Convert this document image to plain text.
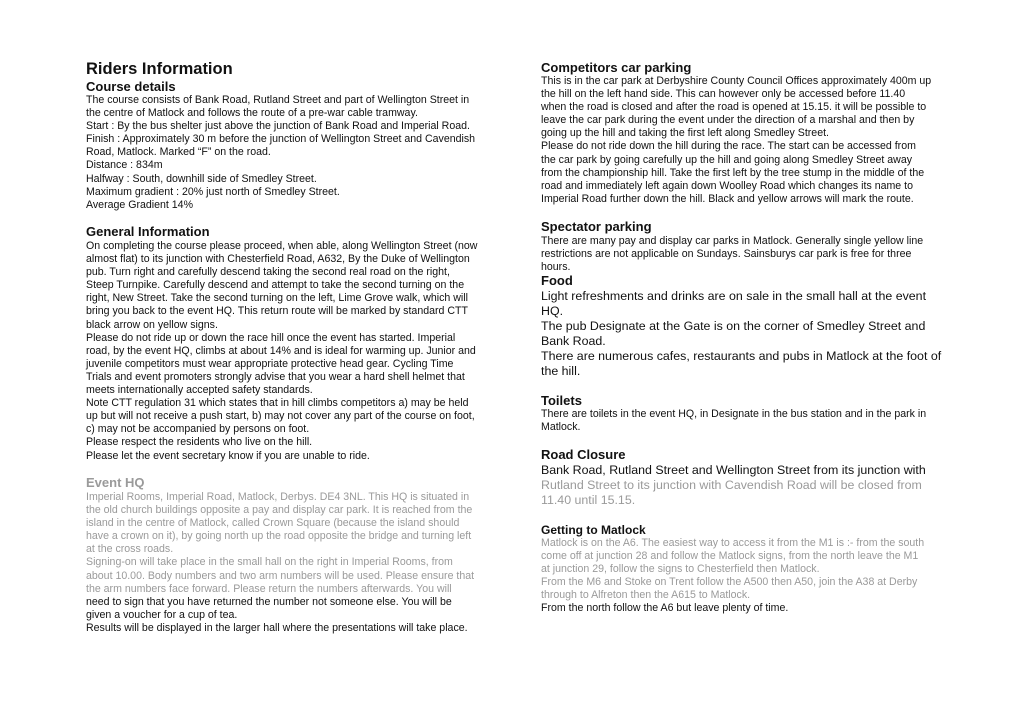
Riders Information
Course details
The course consists of Bank Road, Rutland Street and part of Wellington Street in
the centre of Matlock and follows the route of a pre-war cable tramway.
Start : By the bus shelter just above the junction of Bank Road and Imperial Road.
Finish : Approximately 30 m before the junction of Wellington Street and Cavendish
Road, Matlock. Marked “F” on the road.
Distance : 834m
Halfway : South, downhill side of Smedley Street.
Maximum gradient : 20% just north of Smedley Street.
Average Gradient 14%
General Information
On completing the course please proceed, when able, along Wellington Street (now
almost flat) to its junction with Chesterfield Road, A632, By the Duke of Wellington
pub. Turn right and carefully descend taking the second real road on the right,
Steep Turnpike. Carefully descend and attempt to take the second turning on the
right, New Street. Take the second turning on the left, Lime Grove walk, which will
bring you back to the event HQ. This return route will be marked by standard CTT
black arrow on yellow signs.
Please do not ride up or down the race hill once the event has started. Imperial
road, by the event HQ, climbs at about 14% and is ideal for warming up. Junior and
juvenile competitors must wear appropriate protective head gear. Cycling Time
Trials and event promoters strongly advise that you wear a hard shell helmet that
meets internationally accepted safety standards.
Note CTT regulation 31 which states that in hill climbs competitors a) may be held
up but will not receive a push start, b) may not cover any part of the course on foot,
c) may not be accompanied by persons on foot.
Please respect the residents who live on the hill.
Please let the event secretary know if you are unable to ride.
Event HQ
Imperial Rooms, Imperial Road, Matlock, Derbys. DE4 3NL. This HQ is situated in
the old church buildings opposite a pay and display car park. It is reached from the
island in the centre of Matlock, called Crown Square (because the island should
have a crown on it), by going north up the road opposite the bridge and turning left
at the cross roads.
Signing-on will take place in the small hall on the right in Imperial Rooms, from
about 10.00. Body numbers and two arm numbers will be used. Please ensure that
the arm numbers face forward. Please return the numbers afterwards. You will
need to sign that you have returned the number not someone else. You will be
given a voucher for a cup of tea.
Results will be displayed in the larger hall where the presentations will take place.
Competitors car parking
This is in the car park at Derbyshire County Council Offices approximately 400m up
the hill on the left hand side. This can however only be accessed before 11.40
when the road is closed and after the road is opened at 15.15. it will be possible to
leave the car park during the event under the direction of a marshal and then by
going up the hill and taking the first left along Smedley Street.
Please do not ride down the hill during the race. The start can be accessed from
the car park by going carefully up the hill and going along Smedley Street away
from the championship hill. Take the first left by the tree stump in the middle of the
road and immediately left again down Woolley Road which changes its name to
Imperial Road further down the hill. Black and yellow arrows will mark the route.
Spectator parking
There are many pay and display car parks in Matlock. Generally single yellow line
restrictions are not applicable on Sundays. Sainsburys car park is free for three
hours.
Food
Light refreshments and drinks are on sale in the small hall at the event
HQ.
The pub Designate at the Gate is on the corner of Smedley Street and
Bank Road.
There are numerous cafes, restaurants and pubs in Matlock at the foot of
the hill.
Toilets
There are toilets in the event HQ, in Designate in the bus station and in the park in
Matlock.
Road Closure
Bank Road, Rutland Street and Wellington Street from its junction with
Rutland Street to its junction with Cavendish Road will be closed from
11.40 until 15.15.
Getting to Matlock
Matlock is on the A6. The easiest way to access it from the M1 is :- from the south
come off at junction 28 and follow the Matlock signs, from the north leave the M1
at junction 29, follow the signs to Chesterfield then Matlock.
From the M6 and Stoke on Trent follow the A500 then A50, join the A38 at Derby
through to Alfreton then the A615 to Matlock.
From the north follow the A6 but leave plenty of time.
